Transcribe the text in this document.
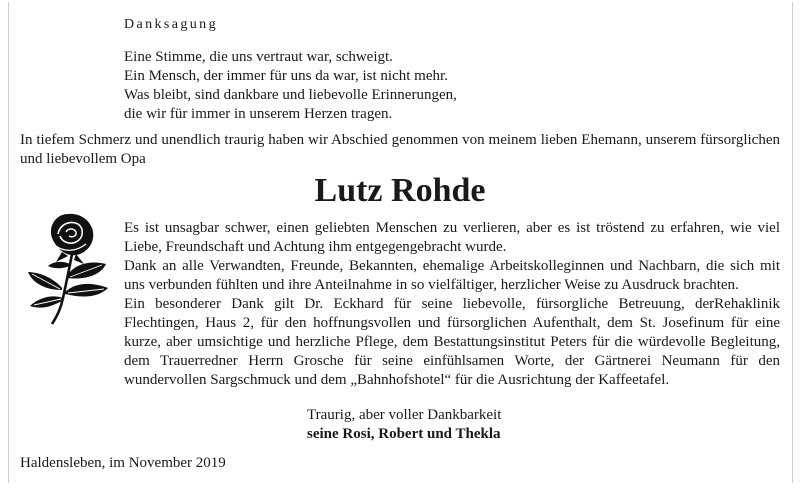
Danksagung
Eine Stimme, die uns vertraut war, schweigt.
Ein Mensch, der immer für uns da war, ist nicht mehr.
Was bleibt, sind dankbare und liebevolle Erinnerungen,
die wir für immer in unserem Herzen tragen.
In tiefem Schmerz und unendlich traurig haben wir Abschied genommen von meinem lieben Ehemann, unserem fürsorglichen und liebevollem Opa
Lutz Rohde

Es ist unsagbar schwer, einen geliebten Menschen zu verlieren, aber es ist tröstend zu erfahren, wie viel Liebe, Freundschaft und Achtung ihm entgegengebracht wurde.

Dank an alle Verwandten, Freunde, Bekannten, ehemalige Arbeitskolleginnen und Nachbarn, die sich mit uns verbunden fühlten und ihre Anteilnahme in so vielfältiger, herzlicher Weise zu Ausdruck brachten.

Ein besonderer Dank gilt Dr. Eckhard für seine liebevolle, fürsorgliche Betreuung, derRehaklinik Flechtingen, Haus 2, für den hoffnungsvollen und fürsorglichen Aufenthalt, dem St. Josefinum für eine kurze, aber umsichtige und herzliche Pflege, dem Bestattungsinstitut Peters für die würdevolle Begleitung, dem Trauerredner Herrn Grosche für seine einfühlsamen Worte, der Gärtnerei Neumann für den wundervollen Sargschmuck und dem „Bahnhofshotel“ für die Ausrichtung der Kaffeetafel.

Traurig, aber voller Dankbarkeit
seine Rosi, Robert und Thekla
Haldensleben, im November 2019
